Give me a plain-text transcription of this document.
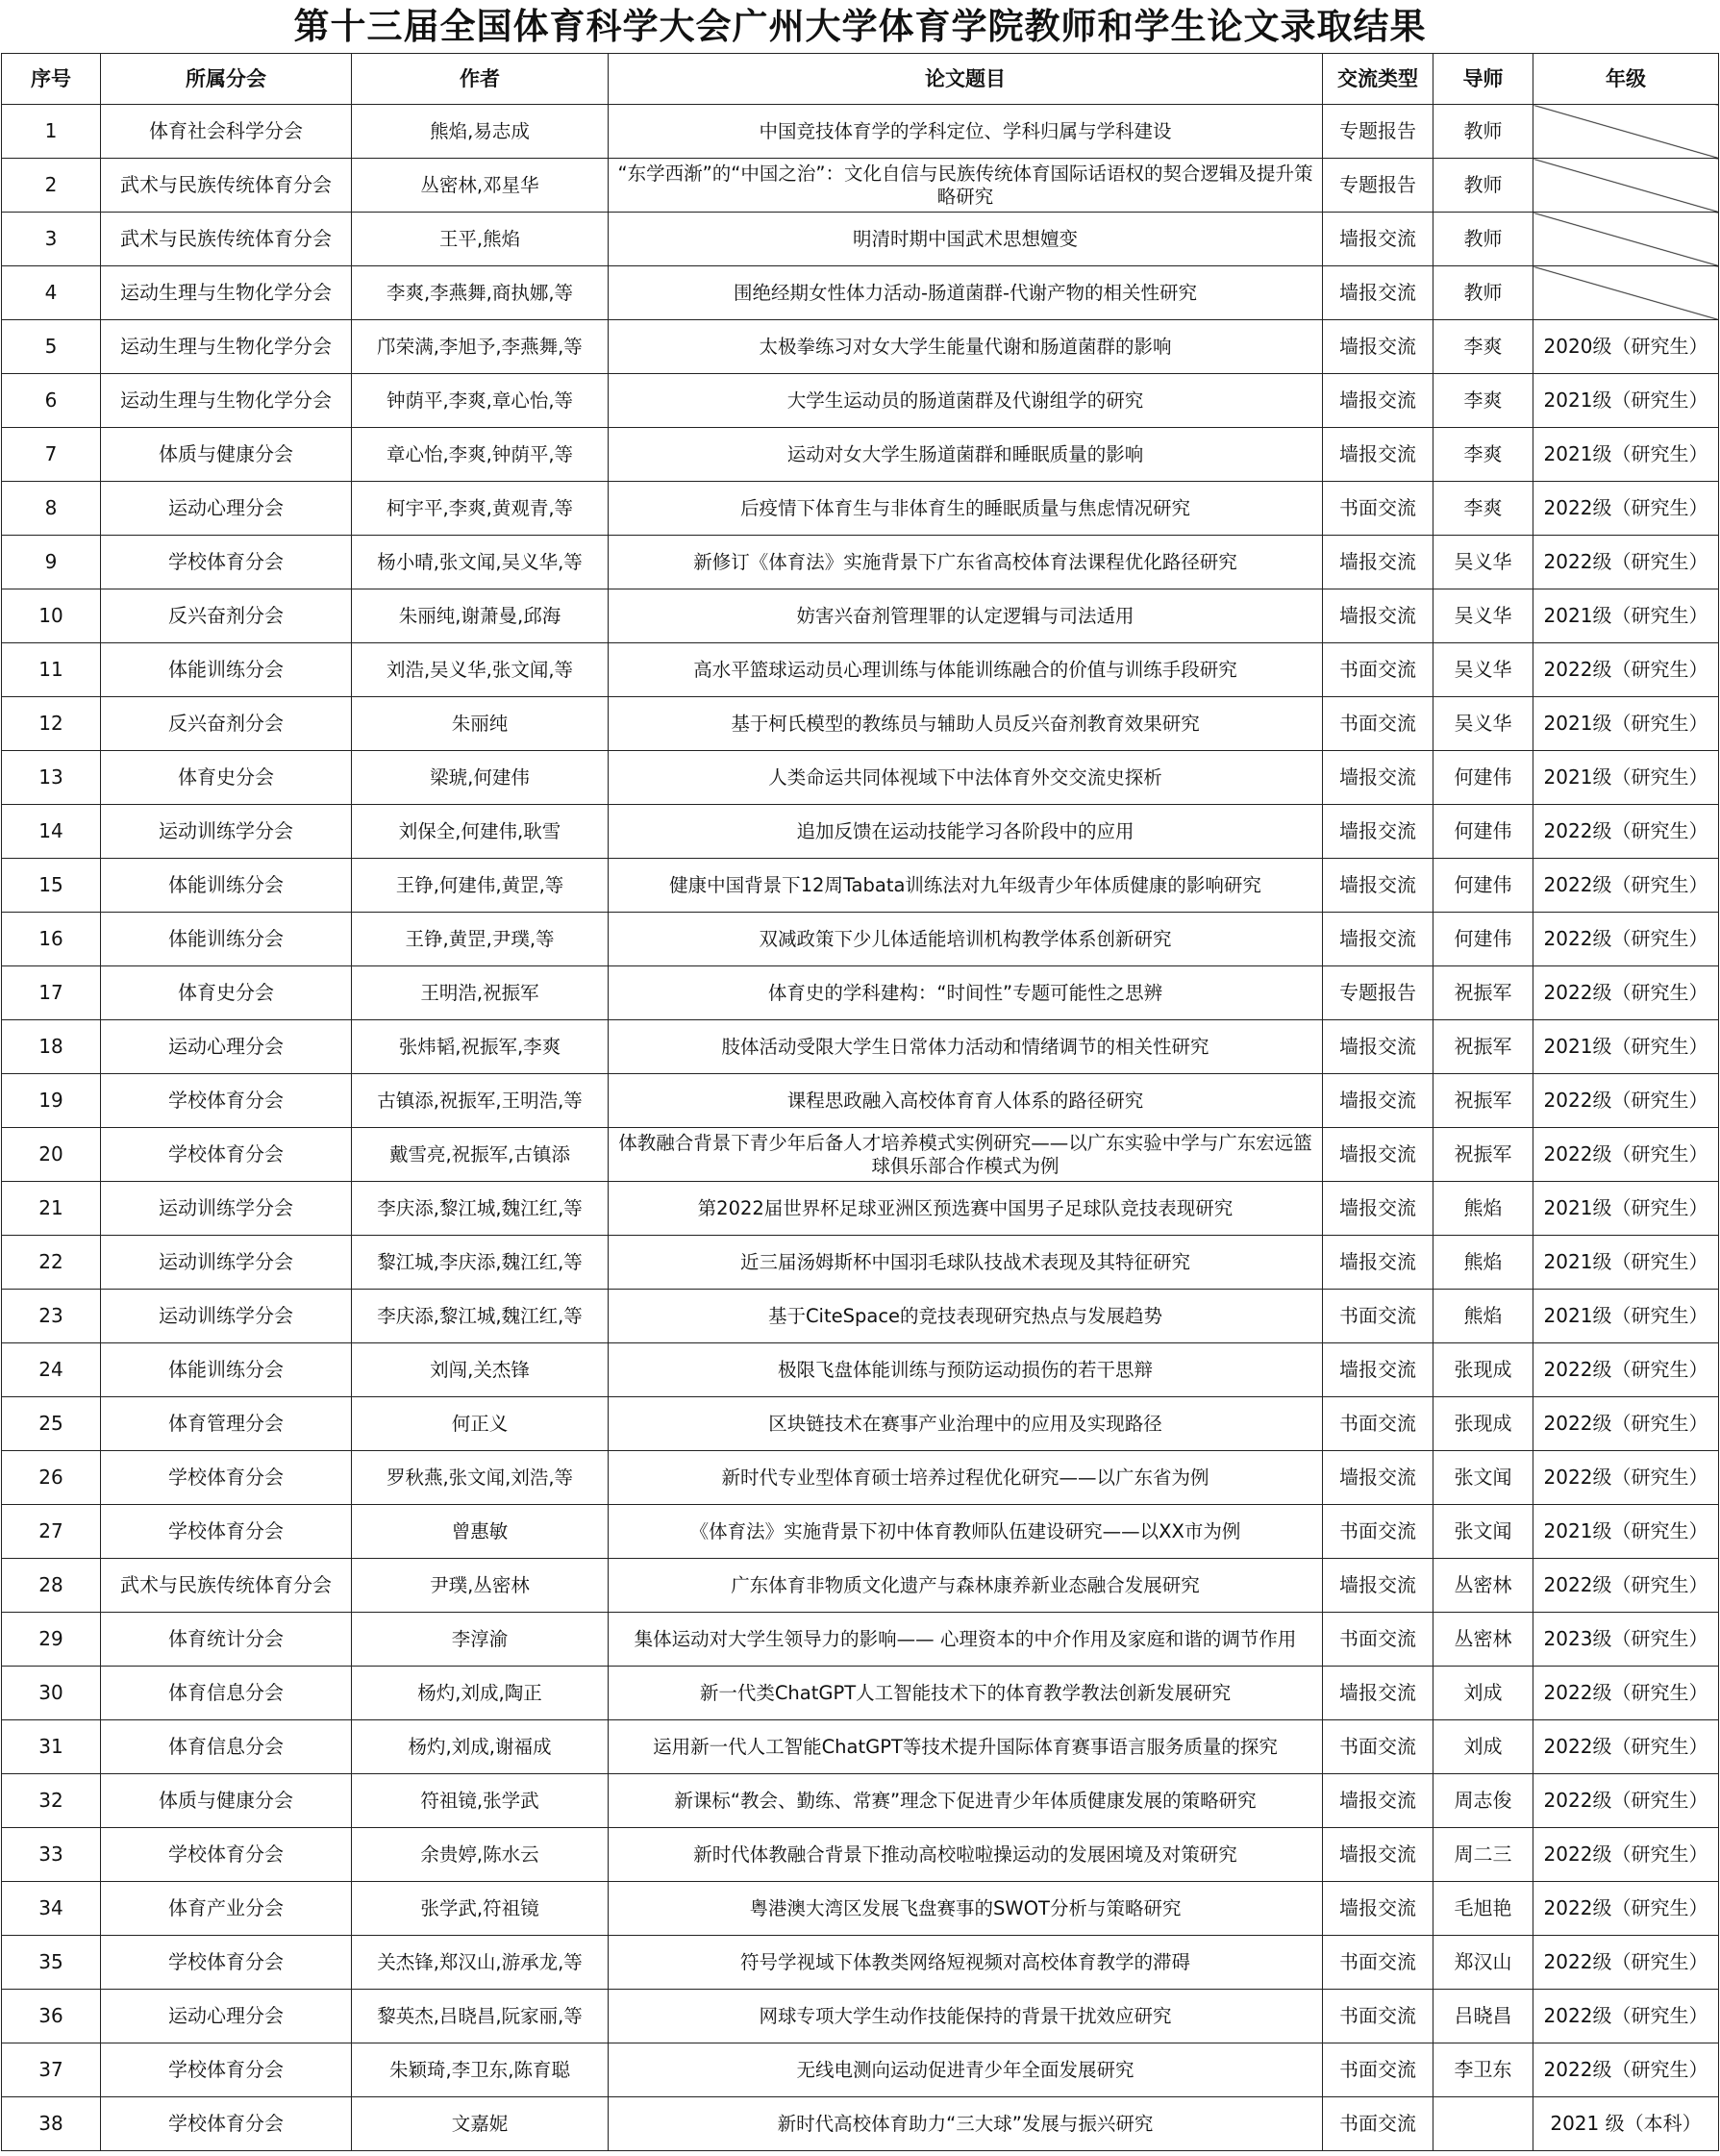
第十三届全国体育科学大会广州大学体育学院教师和学生论文录取结果
序号	所属分会	作者	论文题目	交流类型	导师	年级
1	体育社会科学分会	熊焰,易志成	中国竞技体育学的学科定位、学科归属与学科建设	专题报告	教师	
2	武术与民族传统体育分会	丛密林,邓星华	“东学西渐”的“中国之治”：文化自信与民族传统体育国际话语权的契合逻辑及提升策略研究	专题报告	教师	
3	武术与民族传统体育分会	王平,熊焰	明清时期中国武术思想嬗变	墙报交流	教师	
4	运动生理与生物化学分会	李爽,李燕舞,商执娜,等	围绝经期女性体力活动-肠道菌群-代谢产物的相关性研究	墙报交流	教师	
5	运动生理与生物化学分会	邝荣满,李旭予,李燕舞,等	太极拳练习对女大学生能量代谢和肠道菌群的影响	墙报交流	李爽	2020级（研究生）
6	运动生理与生物化学分会	钟荫平,李爽,章心怡,等	大学生运动员的肠道菌群及代谢组学的研究	墙报交流	李爽	2021级（研究生）
7	体质与健康分会	章心怡,李爽,钟荫平,等	运动对女大学生肠道菌群和睡眠质量的影响	墙报交流	李爽	2021级（研究生）
8	运动心理分会	柯宇平,李爽,黄观青,等	后疫情下体育生与非体育生的睡眠质量与焦虑情况研究	书面交流	李爽	2022级（研究生）
9	学校体育分会	杨小晴,张文闻,吴义华,等	新修订《体育法》实施背景下广东省高校体育法课程优化路径研究	墙报交流	吴义华	2022级（研究生）
10	反兴奋剂分会	朱丽纯,谢萧曼,邱海	妨害兴奋剂管理罪的认定逻辑与司法适用	墙报交流	吴义华	2021级（研究生）
11	体能训练分会	刘浩,吴义华,张文闻,等	高水平篮球运动员心理训练与体能训练融合的价值与训练手段研究	书面交流	吴义华	2022级（研究生）
12	反兴奋剂分会	朱丽纯	基于柯氏模型的教练员与辅助人员反兴奋剂教育效果研究	书面交流	吴义华	2021级（研究生）
13	体育史分会	梁琥,何建伟	人类命运共同体视域下中法体育外交交流史探析	墙报交流	何建伟	2021级（研究生）
14	运动训练学分会	刘保全,何建伟,耿雪	追加反馈在运动技能学习各阶段中的应用	墙报交流	何建伟	2022级（研究生）
15	体能训练分会	王铮,何建伟,黄罡,等	健康中国背景下12周Tabata训练法对九年级青少年体质健康的影响研究	墙报交流	何建伟	2022级（研究生）
16	体能训练分会	王铮,黄罡,尹璞,等	双减政策下少儿体适能培训机构教学体系创新研究	墙报交流	何建伟	2022级（研究生）
17	体育史分会	王明浩,祝振军	体育史的学科建构：“时间性”专题可能性之思辨	专题报告	祝振军	2022级（研究生）
18	运动心理分会	张炜韬,祝振军,李爽	肢体活动受限大学生日常体力活动和情绪调节的相关性研究	墙报交流	祝振军	2021级（研究生）
19	学校体育分会	古镇添,祝振军,王明浩,等	课程思政融入高校体育育人体系的路径研究	墙报交流	祝振军	2022级（研究生）
20	学校体育分会	戴雪亮,祝振军,古镇添	体教融合背景下青少年后备人才培养模式实例研究——以广东实验中学与广东宏远篮球俱乐部合作模式为例	墙报交流	祝振军	2022级（研究生）
21	运动训练学分会	李庆添,黎江城,魏江红,等	第2022届世界杯足球亚洲区预选赛中国男子足球队竞技表现研究	墙报交流	熊焰	2021级（研究生）
22	运动训练学分会	黎江城,李庆添,魏江红,等	近三届汤姆斯杯中国羽毛球队技战术表现及其特征研究	墙报交流	熊焰	2021级（研究生）
23	运动训练学分会	李庆添,黎江城,魏江红,等	基于CiteSpace的竞技表现研究热点与发展趋势	书面交流	熊焰	2021级（研究生）
24	体能训练分会	刘闯,关杰锋	极限飞盘体能训练与预防运动损伤的若干思辩	墙报交流	张现成	2022级（研究生）
25	体育管理分会	何正义	区块链技术在赛事产业治理中的应用及实现路径	书面交流	张现成	2022级（研究生）
26	学校体育分会	罗秋燕,张文闻,刘浩,等	新时代专业型体育硕士培养过程优化研究——以广东省为例	墙报交流	张文闻	2022级（研究生）
27	学校体育分会	曾惠敏	《体育法》实施背景下初中体育教师队伍建设研究——以XX市为例	书面交流	张文闻	2021级（研究生）
28	武术与民族传统体育分会	尹璞,丛密林	广东体育非物质文化遗产与森林康养新业态融合发展研究	墙报交流	丛密林	2022级（研究生）
29	体育统计分会	李淳渝	集体运动对大学生领导力的影响—— 心理资本的中介作用及家庭和谐的调节作用	书面交流	丛密林	2023级（研究生）
30	体育信息分会	杨灼,刘成,陶正	新一代类ChatGPT人工智能技术下的体育教学教法创新发展研究	墙报交流	刘成	2022级（研究生）
31	体育信息分会	杨灼,刘成,谢福成	运用新一代人工智能ChatGPT等技术提升国际体育赛事语言服务质量的探究	书面交流	刘成	2022级（研究生）
32	体质与健康分会	符祖镜,张学武	新课标“教会、勤练、常赛”理念下促进青少年体质健康发展的策略研究	墙报交流	周志俊	2022级（研究生）
33	学校体育分会	余贵婷,陈水云	新时代体教融合背景下推动高校啦啦操运动的发展困境及对策研究	墙报交流	周二三	2022级（研究生）
34	体育产业分会	张学武,符祖镜	粤港澳大湾区发展飞盘赛事的SWOT分析与策略研究	墙报交流	毛旭艳	2022级（研究生）
35	学校体育分会	关杰锋,郑汉山,游承龙,等	符号学视域下体教类网络短视频对高校体育教学的滞碍	书面交流	郑汉山	2022级（研究生）
36	运动心理分会	黎英杰,吕晓昌,阮家丽,等	网球专项大学生动作技能保持的背景干扰效应研究	书面交流	吕晓昌	2022级（研究生）
37	学校体育分会	朱颖琦,李卫东,陈育聪	无线电测向运动促进青少年全面发展研究	书面交流	李卫东	2022级（研究生）
38	学校体育分会	文嘉妮	新时代高校体育助力“三大球”发展与振兴研究	书面交流		2021 级（本科）
